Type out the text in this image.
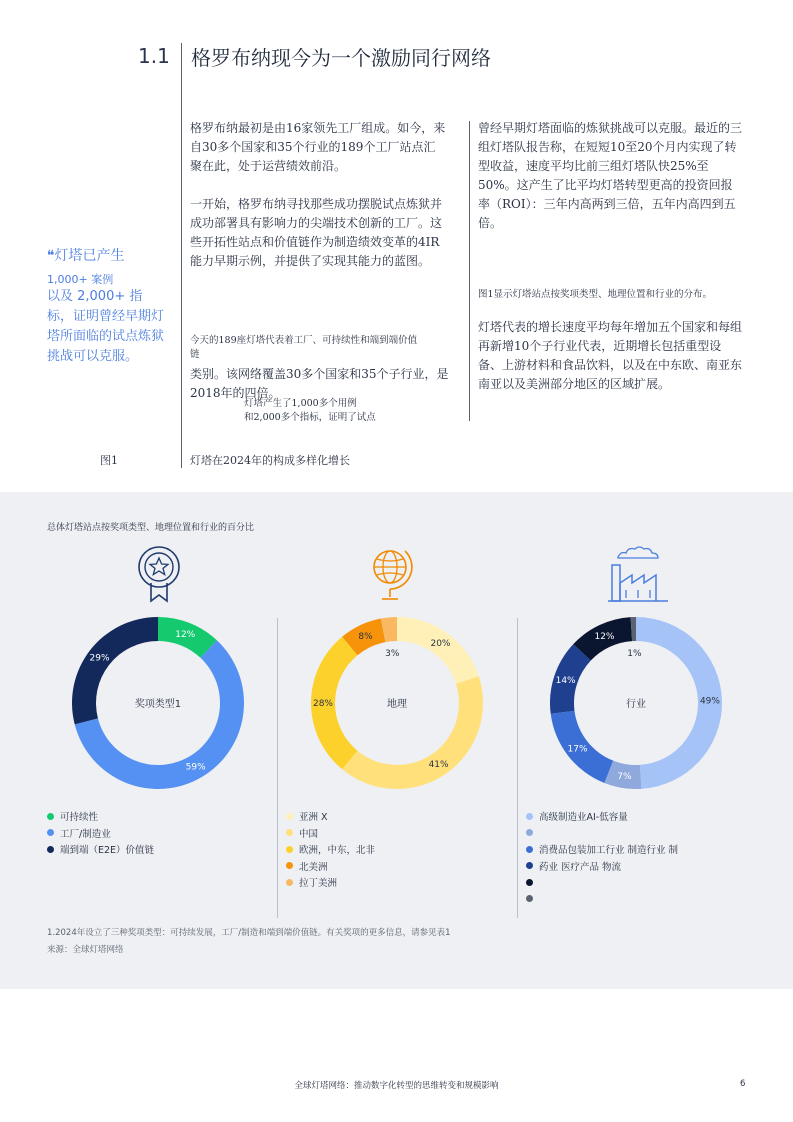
1.1 格罗布纳现今为一个激励同行网络
格罗布纳最初是由16家领先工厂组成。如今，来自30多个国家和35个行业的189个工厂站点汇聚在此，处于运营绩效前沿。
一开始，格罗布纳寻找那些成功摆脱试点炼狱并成功部署具有影响力的尖端技术创新的工厂。这些开拓性站点和价值链作为制造绩效变革的4IR能力早期示例，并提供了实现其能力的蓝图。
今天的189座灯塔代表着工厂、可持续性和端到端价值链
类别。该网络覆盖30多个国家和35个子行业，是2018年的四倍。
灯塔产生了1,000多个用例
和2,000多个指标，证明了试点
曾经早期灯塔面临的炼狱挑战可以克服。最近的三组灯塔队报告称，在短短10至20个月内实现了转型收益，速度平均比前三组灯塔队快25%至50%。这产生了比平均灯塔转型更高的投资回报率（ROI）：三年内高两到三倍，五年内高四到五倍。
图1显示灯塔站点按奖项类型、地理位置和行业的分布。
灯塔代表的增长速度平均每年增加五个国家和每组再新增10个子行业代表，近期增长包括重型设备、上游材料和食品饮料，以及在中东欧、南亚东南亚以及美洲部分地区的区域扩展。
❝灯塔已产生
1,000+ 案例
以及 2,000+ 指标，证明曾经早期灯塔所面临的试点炼狱挑战可以克服。
图1	灯塔在2024年的构成多样化增长
总体灯塔站点按奖项类型、地理位置和行业的百分比
12%
59%
29%
奖项类型1
20%
41%
28%
8%
3%
地理	49%
7%
17%
14%
12%
1%
行业
可持续性
工厂/制造业
端到端（E2E）价值链
亚洲 X
中国
欧洲，中东，北非
北美洲
拉丁美洲
高级制造业AI-低容量
消费品包装加工行业 制造行业 制
药业 医疗产品 物流
1.2024年设立了三种奖项类型：可持续发展，工厂/制造和端到端价值链。有关奖项的更多信息，请参见表1
来源：全球灯塔网络
全球灯塔网络：推动数字化转型的思维转变和规模影响	6
